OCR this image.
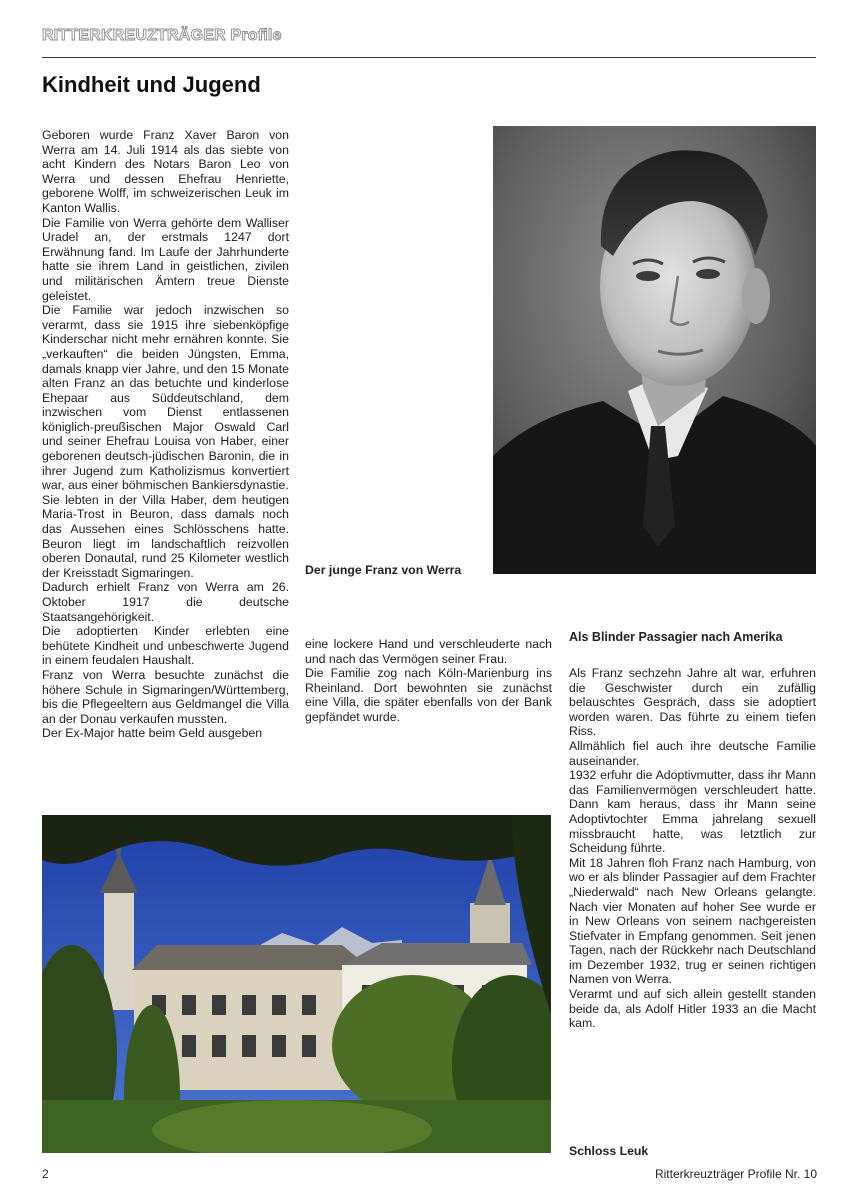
RITTERKREUZTRÄGER Profile
Kindheit und Jugend

Geboren wurde Franz Xaver Baron von Werra am 14. Juli 1914 als das siebte von acht Kindern des Notars Baron Leo von Werra und dessen Ehefrau Henriette, geborene Wolff, im schweizerischen Leuk im Kanton Wallis.

Die Familie von Werra gehörte dem Walliser Uradel an, der erstmals 1247 dort Erwähnung fand. Im Laufe der Jahrhunderte hatte sie ihrem Land in geistlichen, zivilen und militärischen Ämtern treue Dienste geleistet.

Die Familie war jedoch inzwischen so verarmt, dass sie 1915 ihre siebenköpfige Kinderschar nicht mehr ernähren konnte. Sie „verkauften“ die beiden Jüngsten, Emma, damals knapp vier Jahre, und den 15 Monate alten Franz an das betuchte und kinderlose Ehepaar aus Süddeutschland, dem inzwischen vom Dienst entlassenen königlich-preußischen Major Oswald Carl und seiner Ehefrau Louisa von Haber, einer geborenen deutsch-jüdischen Baronin, die in ihrer Jugend zum Katholizismus konvertiert war, aus einer böhmischen Bankiersdynastie.

Sie lebten in der Villa Haber, dem heutigen Maria-Trost in Beuron, dass damals noch das Aussehen eines Schlösschens hatte. Beuron liegt im landschaftlich reizvollen oberen Donautal, rund 25 Kilometer westlich der Kreisstadt Sigmaringen.

Dadurch erhielt Franz von Werra am 26. Oktober 1917 die deutsche Staatsangehörigkeit.

Die adoptierten Kinder erlebten eine behütete Kindheit und unbeschwerte Jugend in einem feudalen Haushalt.

Franz von Werra besuchte zunächst die höhere Schule in Sigmaringen/Württemberg, bis die Pflegeeltern aus Geldmangel die Villa an der Donau verkaufen mussten.

Der Ex-Major hatte beim Geld ausgeben

eine lockere Hand und verschleuderte nach und nach das Vermögen seiner Frau.

Die Familie zog nach Köln-Marienburg ins Rheinland. Dort bewohnten sie zunächst eine Villa, die später ebenfalls von der Bank gepfändet wurde.

Als Blinder Passagier nach Amerika

Als Franz sechzehn Jahre alt war, erfuhren die Geschwister durch ein zufällig belauschtes Gespräch, dass sie adoptiert worden waren. Das führte zu einem tiefen Riss.

Allmählich fiel auch ihre deutsche Familie auseinander.

1932 erfuhr die Adoptivmutter, dass ihr Mann das Familienvermögen verschleudert hatte. Dann kam heraus, dass ihr Mann seine Adoptivtochter Emma jahrelang sexuell missbraucht hatte, was letztlich zur Scheidung führte.

Mit 18 Jahren floh Franz nach Hamburg, von wo er als blinder Passagier auf dem Frachter „Niederwald“ nach New Orleans gelangte. Nach vier Monaten auf hoher See wurde er in New Orleans von seinem nachgereisten Stiefvater in Empfang genommen. Seit jenen Tagen, nach der Rückkehr nach Deutschland im Dezember 1932, trug er seinen richtigen Namen von Werra.

Verarmt und auf sich allein gestellt standen beide da, als Adolf Hitler 1933 an die Macht kam.

Der junge Franz von Werra
Schloss Leuk
2	Ritterkreuzträger Profile Nr. 10
